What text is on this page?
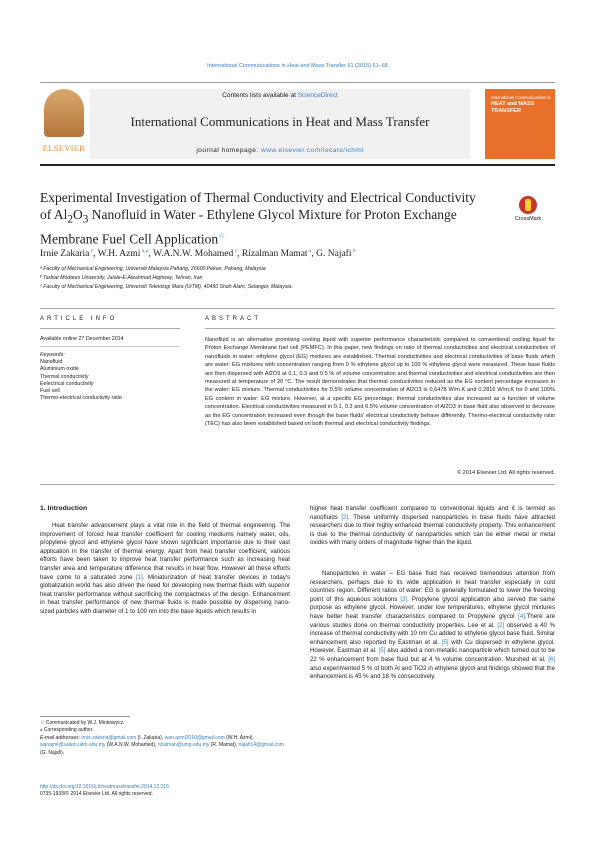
International Communications in Heat and Mass Transfer 61 (2015) 61–68
ELSEVIER
Contents lists available at ScienceDirect
International Communications in Heat and Mass Transfer
journal homepage: www.elsevier.com/locate/ichmt
International Communications in
HEAT and MASS
TRANSFER
Experimental Investigation of Thermal Conductivity and Electrical Conductivity of $Al_2O_3$ Nanofluid in Water - Ethylene Glycol Mixture for Proton Exchange Membrane Fuel Cell Application☆
CrossMark
Irnie Zakaria $^c$, W.H. Azmi $^{a,⁎}$, W.A.N.W. Mohamed $^c$, Rizalman Mamat $^a$, G. Najafi $^b$
ᵃ Faculty of Mechanical Engineering, Universiti Malaysia Pahang, 26600 Pekan, Pahang, Malaysia
ᵇ Tarbiat Modares University, Jalale-E-Aleahmad Highway, Tehran, Iran
ᶜ Faculty of Mechanical Engineering, Universiti Teknologi Mara (UiTM), 40450 Shah Alam, Selangor, Malaysia.
ARTICLE INFO	ABSTRACT
Available online 27 December 2014
Keywords:
Nanofluid
Aluminium oxide
Thermal conductivity
Eelectrical conductivity
Fuel cell
Thermo-electrical conductivity ratio
Nanofluid is an alternative promising cooling liquid with superior performance characteristic compared to conventional cooling liquid for Proton Exchange Membrane fuel cell (PEMFC). In this paper, new findings on ratio of thermal conductivities and electrical conductivities of nanofluids in water: ethylene glycol (EG) mixtures are established. Thermal conductivities and electrical conductivities of base fluids which are water: EG mixtures with concentration ranging from 0 % ethylene glycol up to 100 % ethylene glycol were measured. These base fluids are then dispersed with Al2O3 at 0.1, 0.3 and 0.5 % of volume concentration and thermal conductivities and electrical conductivities are then measured at temperature of 20 °C. The result demonstrates that thermal conductivities reduced as the EG content percentage increases in the water: EG mixture. Thermal conductivities for 0.5% volume concentration of Al2O3 is 0.6478 W/m.K and 0.2816 W/m.K for 0 and 100% EG content in water: EG mixture. However, at a specific EG percentage, thermal conductivities also increased as a function of volume concentration. Electrical conductivities measured in 0.1, 0.3 and 0.5% volume concentration of Al2O3 in base fluid also observed to decrease as the EG concentration increased even though the base fluids' electrical conductivity behave differently. Thermo-electrical conductivity ratio (TEC) has also been established based on both thermal and electrical conductivity findings.
© 2014 Elsevier Ltd. All rights reserved.
1. Introduction
Heat transfer advancement plays a vital role in the field of thermal engineering. The improvement of forced heat transfer coefficient for cooling mediums namely water, oils, propylene glycol and ethylene glycol have shown significant importance due to their vast application in the transfer of thermal energy. Apart from heat transfer coefficient, various efforts have been taken to improve heat transfer performance such as increasing heat transfer area and temperature difference that results in heat flow. However all these efforts have come to a saturated zone [1]. Miniaturization of heat transfer devices in today's globalization world has also driven the need for developing new thermal fluids with superior heat transfer performance without sacrificing the compactness of the design. Enhancement in heat transfer performance of new thermal fluids is made possible by dispersing nano-sized particles with diameter of 1 to 100 nm into the base liquids which results in
higher heat transfer coefficient compared to conventional liquids and it is termed as nanofluids [2]. These uniformly dispersed nanoparticles in base fluids have attracted researchers due to their highly enhanced thermal conductivity property. This enhancement is due to the thermal conductivity of nanoparticles which can be either metal or metal oxides with many orders of magnitude higher than the liquid.
Nanoparticles in water – EG base fluid has received tremendous attention from researchers, perhaps due to its wide application in heat transfer especially in cold countries region. Different ratios of water: EG is generally formulated to lower the freezing point of this aqueous solutions [3]. Propylene glycol application also served the same purpose as ethylene glycol. However, under low temperatures, ethylene glycol mixtures have better heat transfer characteristics compared to Propylene glycol [4].There are various studies done on thermal conductivity properties. Lee et al. [2] observed a 40 % increase of thermal conductivity with 10 nm Cu added to ethylene glycol base fluid. Similar enhancement also reported by Eastman et al. [5] with Cu dispersed in ethylene glycol. However, Eastman et al. [5] also added a non-metallic nanoparticle which turned out to be 22 % enhancement from base fluid but at 4 % volume concentration. Murshed et al. [6] also experimented 5 % of both Al and TiO2 in ethylene glycol and findings showed that the enhancement is 45 % and 18 % consecutively.
☆ Communicated by W.J. Minkowycz.
⁎ Corresponding author.
E-mail addresses: irnie.zakaria@gmail.com (I. Zakaria), wan.azmi2010@gmail.com (W.H. Azmi), wanajmi@salam.uitm.edu.my (W.A.N.W. Mohamed), rizalman@ump.edu.my (R. Mamat), najafi14@gmail.com (G. Najafi).
http://dx.doi.org/10.1016/j.icheatmasstransfer.2014.12.015
0735-1933/© 2014 Elsevier Ltd. All rights reserved.
